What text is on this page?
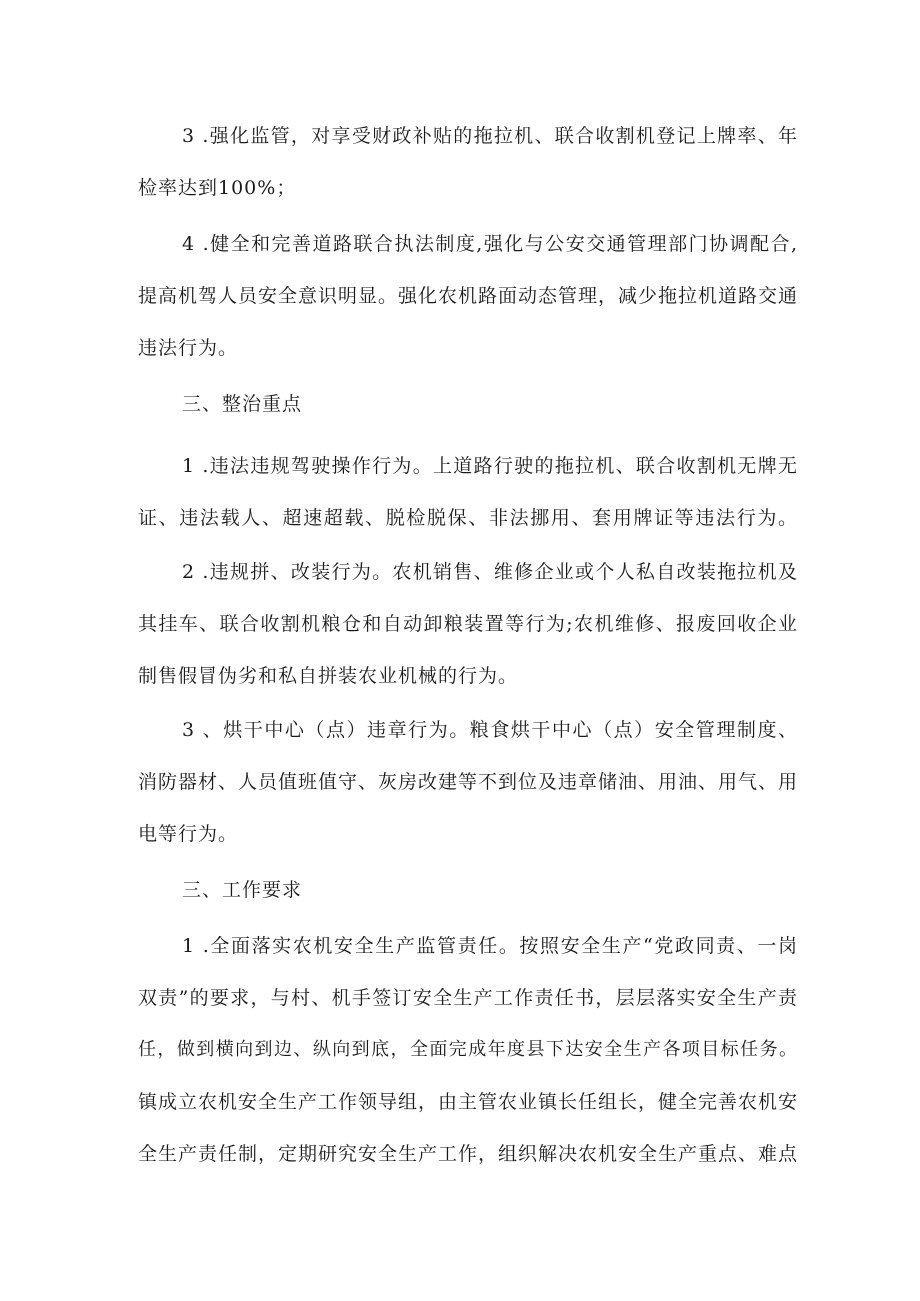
3 .强化监管，对享受财政补贴的拖拉机、联合收割机登记上牌率、年
检率达到100%；
4 .健全和完善道路联合执法制度,强化与公安交通管理部门协调配合,
提高机驾人员安全意识明显。强化农机路面动态管理，减少拖拉机道路交通
违法行为。
三、整治重点
1 .违法违规驾驶操作行为。上道路行驶的拖拉机、联合收割机无牌无
证、违法载人、超速超载、脱检脱保、非法挪用、套用牌证等违法行为。
2 .违规拼、改装行为。农机销售、维修企业或个人私自改装拖拉机及
其挂车、联合收割机粮仓和自动卸粮装置等行为;农机维修、报废回收企业
制售假冒伪劣和私自拼装农业机械的行为。
3 、烘干中心（点）违章行为。粮食烘干中心（点）安全管理制度、
消防器材、人员值班值守、灰房改建等不到位及违章储油、用油、用气、用
电等行为。
三、工作要求
1 .全面落实农机安全生产监管责任。按照安全生产“党政同责、一岗
双责”的要求，与村、机手签订安全生产工作责任书，层层落实安全生产责
任，做到横向到边、纵向到底，全面完成年度县下达安全生产各项目标任务。
镇成立农机安全生产工作领导组，由主管农业镇长任组长，健全完善农机安
全生产责任制，定期研究安全生产工作，组织解决农机安全生产重点、难点
